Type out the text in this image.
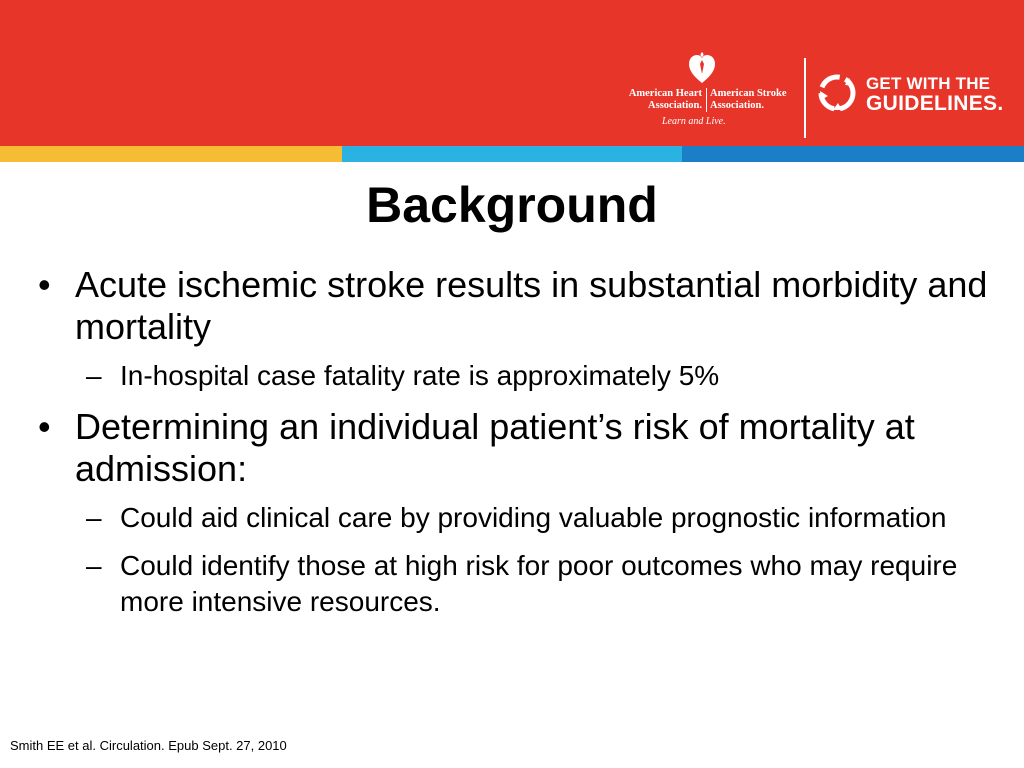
American Heart
Association.
American Stroke
Association.
Learn and Live.
GET WITH THE
GUIDELINES.
Background
• Acute ischemic stroke results in substantial morbidity and mortality
– In-hospital case fatality rate is approximately 5%
• Determining an individual patient’s risk of mortality at admission:
– Could aid clinical care by providing valuable prognostic information
– Could identify those at high risk for poor outcomes who may require more intensive resources.
Smith EE et al. Circulation. Epub Sept. 27, 2010
